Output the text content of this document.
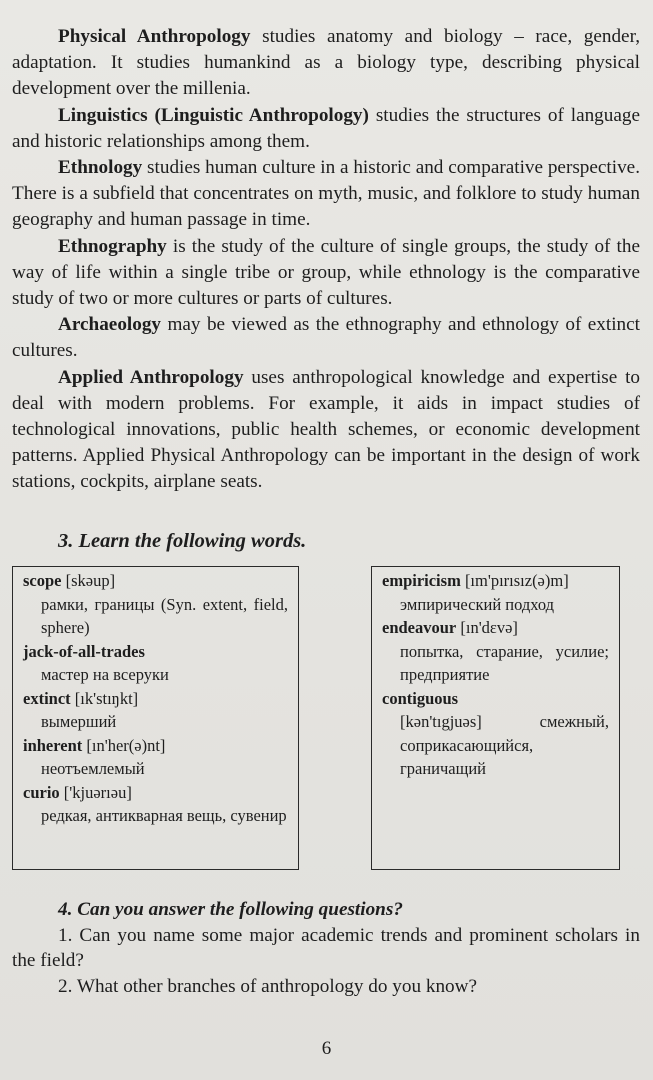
Physical Anthropology studies anatomy and biology – race, gender, adaptation. It studies humankind as a biology type, describing physical development over the millenia.

Linguistics (Linguistic Anthropology) studies the structures of language and historic relationships among them.

Ethnology studies human culture in a historic and comparative perspective. There is a subfield that concentrates on myth, music, and folklore to study human geography and human passage in time.

Ethnography is the study of the culture of single groups, the study of the way of life within a single tribe or group, while ethnology is the comparative study of two or more cultures or parts of cultures.

Archaeology may be viewed as the ethnography and ethnology of extinct cultures.

Applied Anthropology uses anthropological knowledge and expertise to deal with modern problems. For example, it aids in impact studies of technological innovations, public health schemes, or economic development patterns. Applied Physical Anthropology can be important in the design of work stations, cockpits, airplane seats.

3. Learn the following words.
scope [skəup]
рамки, границы (Syn. extent, field, sphere)
jack-of-all-trades
мастер на всеруки
extinct [ık'stıŋkt]
вымерший
inherent [ın'her(ə)nt]
неотъемлемый
curio ['kjuərıəu]
редкая, антикварная вещь, сувенир
empiricism [ım'pırısız(ə)m]
эмпирический подход
endeavour [ın'dɛvə]
попытка, старание, усилие; предприятие
contiguous
[kən'tıgjuəs] смежный, соприкасающийся, граничащий

4. Can you answer the following questions?

1. Can you name some major academic trends and prominent scholars in the field?

2. What other branches of anthropology do you know?

6
